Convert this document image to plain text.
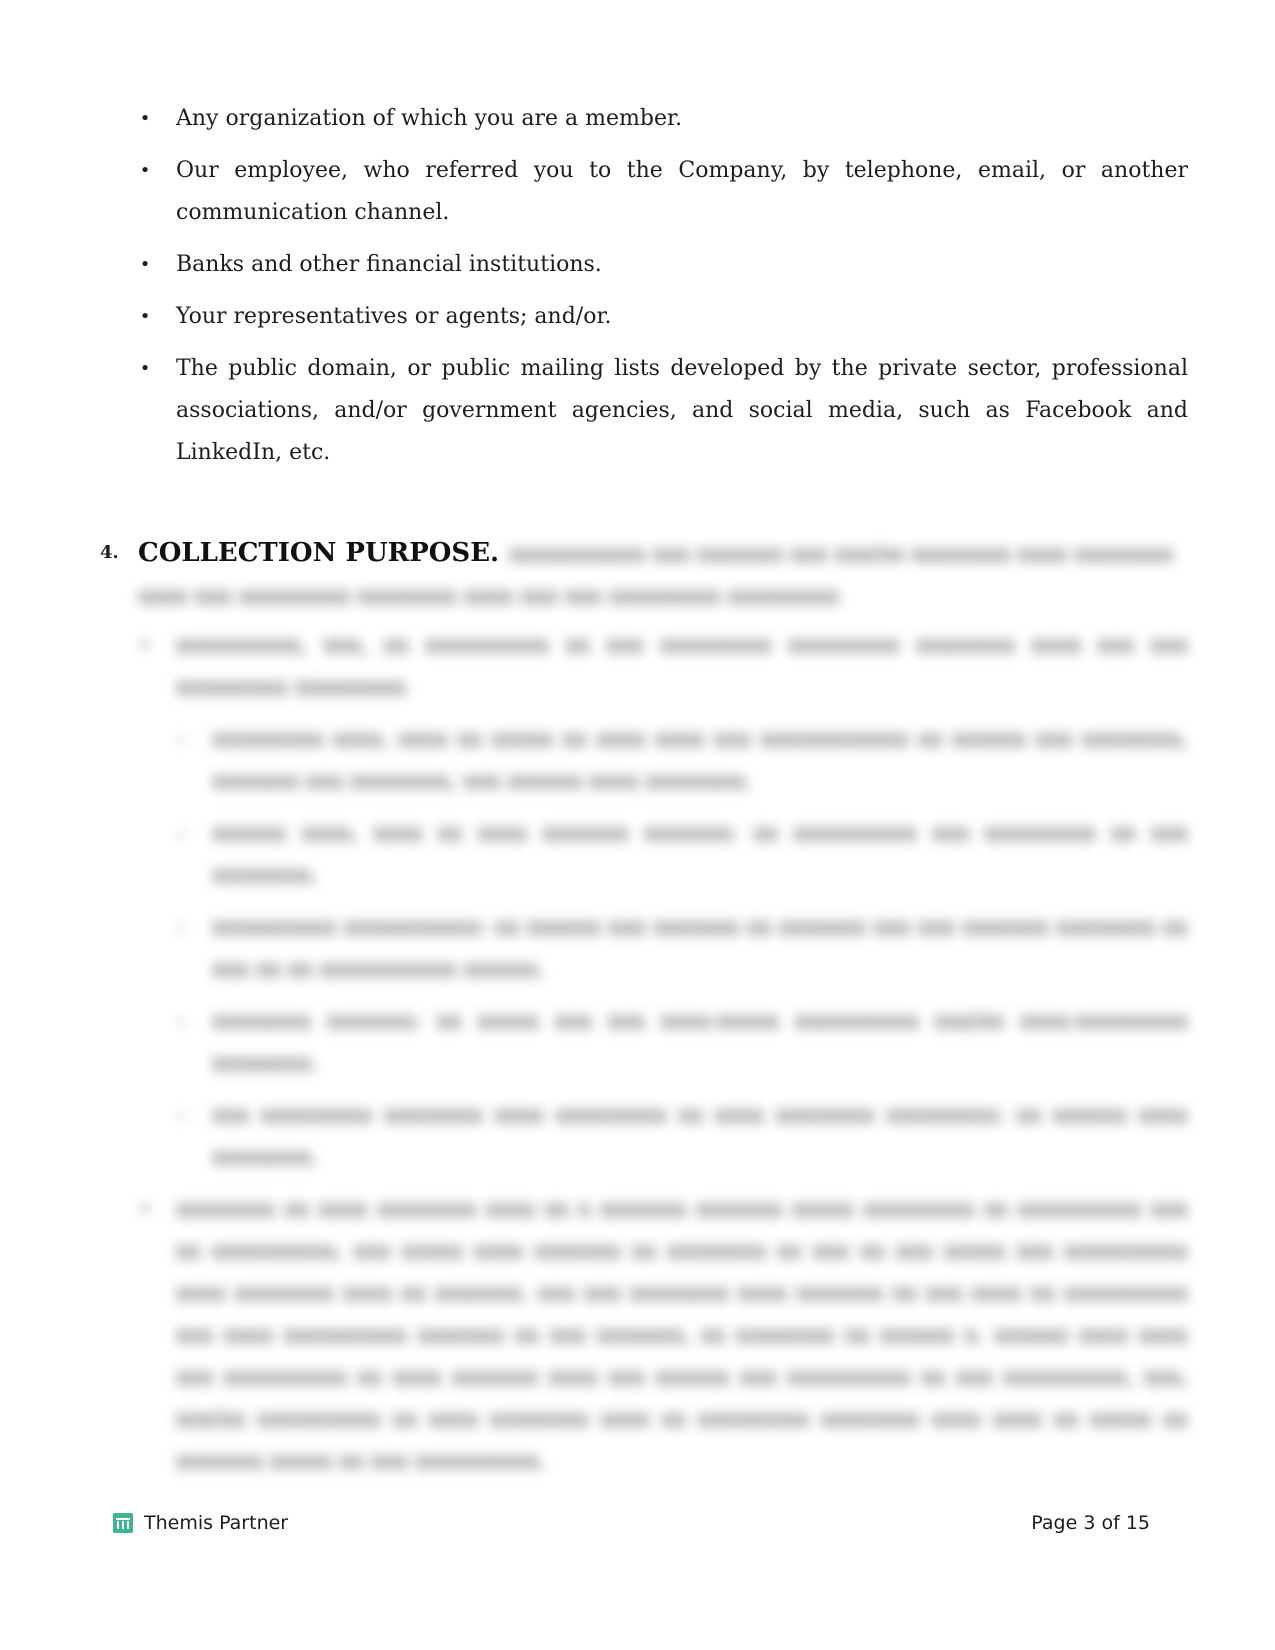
• Any organization of which you are a member.
• Our employee, who referred you to the Company, by telephone, email, or another communication channel.
• Banks and other financial institutions.
• Your representatives or agents; and/or.
• The public domain, or public mailing lists developed by the private sector, professional associations, and/or government agencies, and social media, such as Facebook and LinkedIn, etc.
4. COLLECTION PURPOSE. xxxxxxxxxxx xxx xxxxxxx xxx xxx/xx xxxxxxxx xxxx xxxxxxxx xxxx xxx xxxxxxxxx xxxxxxxx xxxx xxx xxx xxxxxxxxx xxxxxxxxx
• xxxxxxxxxx, xxx, xx xxxxxxxxxx xx xxx xxxxxxxxx xxxxxxxxx xxxxxxxx xxxx xxx xxx xxxxxxxxx xxxxxxxxx
- xxxxxxxxx xxxx, xxxx xx xxxxx xx xxxx xxxx xxx xxxxxxxxxxxx xx xxxxxx xxx xxxxxxxx, xxxxxxx xxx xxxxxxxx, xxx xxxxxx xxxx xxxxxxxx.
- xxxxxx xxxx, xxxx xx xxxx xxxxxxx xxxxxxx: xx xxxxxxxxxx xxx xxxxxxxxx xx xxx xxxxxxxx.
- xxxxxxxxxx xxxxxxxxxxx: xx xxxxxx xxx xxxxxxx xx xxxxxxx xxx xxx xxxxxxx xxxxxxxx xx xxx xx xx xxxxxxxxxxx xxxxxx.
- xxxxxxxx xxxxxxx: xx xxxxx xxx xxx xxxx-xxxxx xxxxxxxxxx xxx/xx xxxx-xxxxxxxxx xxxxxxxx.
- xxx xxxxxxxxx xxxxxxxx xxxx xxxxxxxxx xx xxxx xxxxxxxx xxxxxxxxx: xx xxxxxx xxxx xxxxxxxx.
• xxxxxxxx xx xxxx xxxxxxxx xxxx xx x xxxxxxx xxxxxxx xxxxx xxxxxxxxx xx xxxxxxxxxx xxx xx xxxxxxxxxx, xxx xxxxx xxxx xxxxxxx xx xxxxxxxx xx xxx xx xxx xxxxx xxx xxxxxxxxxx xxxx xxxxxxxx xxxx xx xxxxxxx. xxx xxx xxxxxxxx xxxx xxxxxxx xx xxx xxxx xx xxxxxxxxxx xxx xxxx xxxxxxxxxx xxxxxxx xx xxx xxxxxxx, xx xxxxxxxx xx xxxxxx x. xxxxxx xxxx xxxx xxx xxxxxxxxxx xx xxxx xxxxxxx xxxx xxx xxxxxx xxx xxxxxxxxxx xx xxx xxxxxxxxxx, xxx, xxx/xx xxxxxxxxxx xx xxxx xxxxxxxx xxxx xx xxxxxxxxx xxxxxxxx xxxx xxxx xx xxxxx xx xxxxxxx xxxxx xx xxx xxxxxxxxxx.
Themis Partner	Page 3 of 15
